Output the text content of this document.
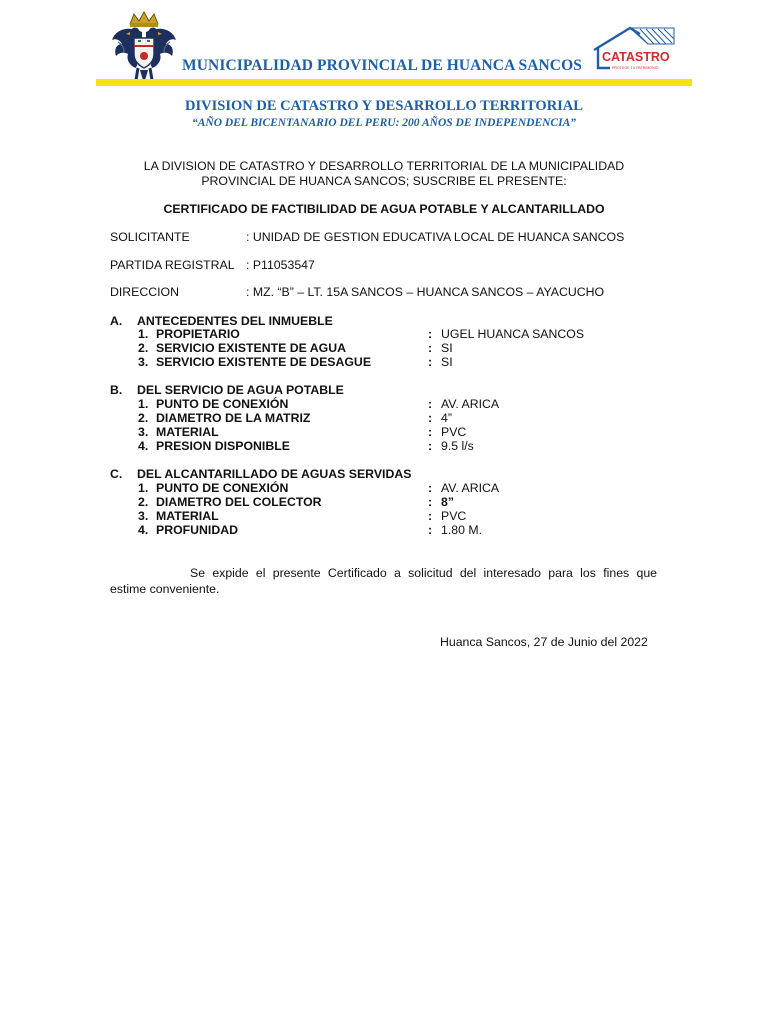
MUNICIPALIDAD PROVINCIAL DE HUANCA SANCOS CATASTRO
PROTEGE TU PATRIMONIO
DIVISION DE CATASTRO Y DESARROLLO TERRITORIAL
“AÑO DEL BICENTANARIO DEL PERU: 200 AÑOS DE INDEPENDENCIA”
LA DIVISION DE CATASTRO Y DESARROLLO TERRITORIAL DE LA MUNICIPALIDAD
PROVINCIAL DE HUANCA SANCOS; SUSCRIBE EL PRESENTE:
CERTIFICADO DE FACTIBILIDAD DE AGUA POTABLE Y ALCANTARILLADO
SOLICITANTE	: UNIDAD DE GESTION EDUCATIVA LOCAL DE HUANCA SANCOS
PARTIDA REGISTRAL : P11053547
DIRECCION	: MZ. “B” – LT. 15A SANCOS – HUANCA SANCOS – AYACUCHO
A. ANTECEDENTES DEL INMUEBLE
1. PROPIETARIO	: UGEL HUANCA SANCOS
2. SERVICIO EXISTENTE DE AGUA	: SI
3. SERVICIO EXISTENTE DE DESAGUE	: SI
B. DEL SERVICIO DE AGUA POTABLE
1. PUNTO DE CONEXIÓN	: AV. ARICA
2. DIAMETRO DE LA MATRIZ	: 4”
3. MATERIAL	: PVC
4. PRESION DISPONIBLE	: 9.5 l/s
C. DEL ALCANTARILLADO DE AGUAS SERVIDAS
1. PUNTO DE CONEXIÓN	: AV. ARICA
2. DIAMETRO DEL COLECTOR	: 8”
3. MATERIAL	: PVC
4. PROFUNIDAD	: 1.80 M.
Se expide el presente Certificado a solicitud del interesado para los fines que
estime conveniente.
Huanca Sancos, 27 de Junio del 2022
